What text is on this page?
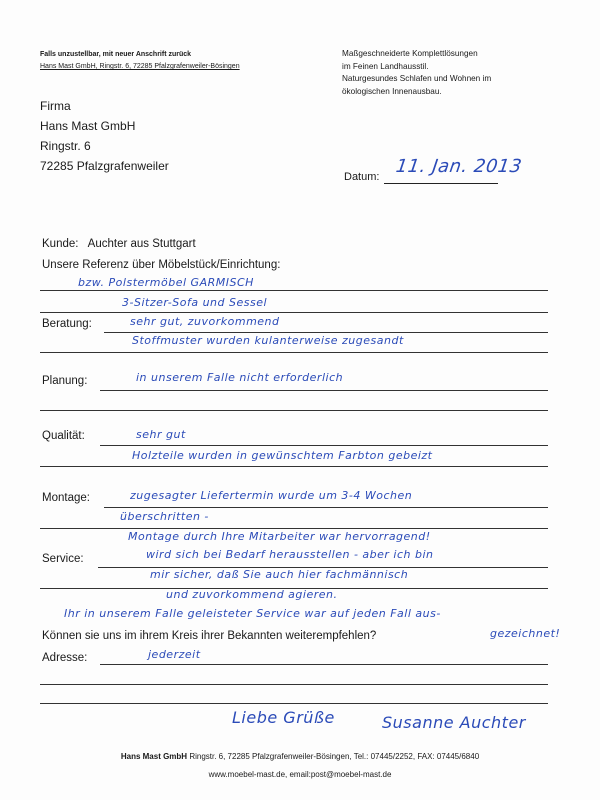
Falls unzustellbar, mit neuer Anschrift zurück
Hans Mast GmbH, Ringstr. 6, 72285 Pfalzgrafenweiler-Bösingen
Maßgeschneiderte Komplettlösungen
im Feinen Landhausstil.
Naturgesundes Schlafen und Wohnen im
ökologischen Innenausbau.
Firma
Hans Mast GmbH
Ringstr. 6
72285 Pfalzgrafenweiler
Datum: 11. Jan. 2013
Kunde: Auchter aus Stuttgart
Unsere Referenz über Möbelstück/Einrichtung:
bzw. Polstermöbel GARMISCH
3-Sitzer-Sofa und Sessel
Beratung:	sehr gut, zuvorkommend
Stoffmuster wurden kulanterweise zugesandt
Planung:	in unserem Falle nicht erforderlich
Qualität:	sehr gut
Holzteile wurden in gewünschtem Farbton gebeizt
Montage:	zugesagter Liefertermin wurde um 3-4 Wochen
überschritten -
Montage durch Ihre Mitarbeiter war hervorragend!
Service:	wird sich bei Bedarf herausstellen - aber ich bin
mir sicher, daß Sie auch hier fachmännisch
und zuvorkommend agieren.
Ihr in unserem Falle geleisteter Service war auf jeden Fall aus-
gezeichnet!
Können sie uns im ihrem Kreis ihrer Bekannten weiterempfehlen?
Adresse:	jederzeit
Liebe Grüße	Susanne Auchter
Hans Mast GmbH Ringstr. 6, 72285 Pfalzgrafenweiler-Bösingen, Tel.: 07445/2252, FAX: 07445/6840
www.moebel-mast.de, email:post@moebel-mast.de
